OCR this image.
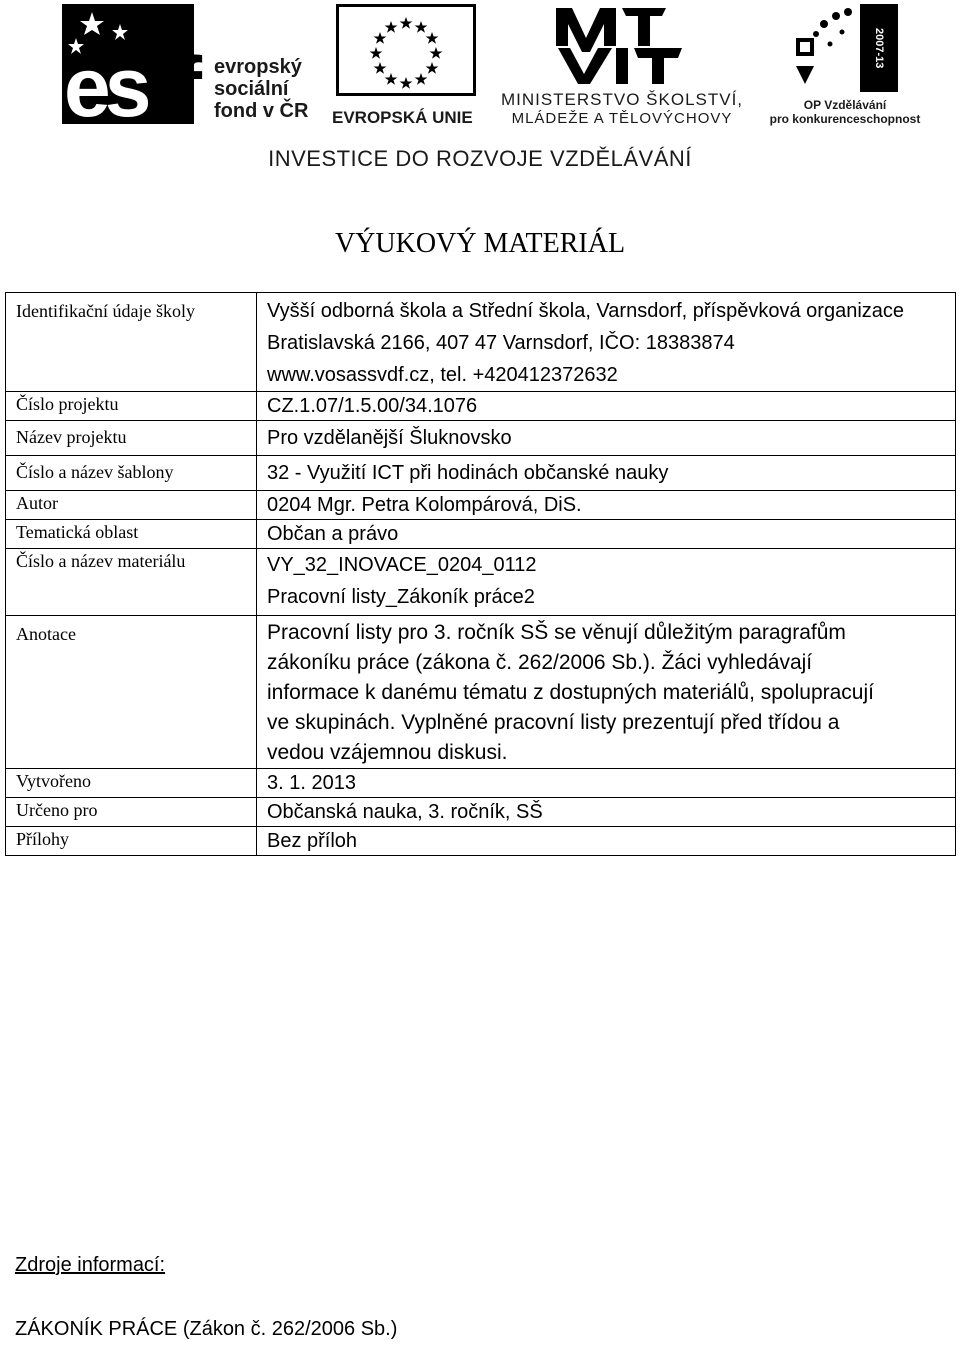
es f evropský
sociální
fond v ČR EVROPSKÁ UNIE
MINISTERSTVO ŠKOLSTVÍ,
MLÁDEŽE A TĚLOVÝCHOVY
2007-13
OP Vzdělávání
pro konkurenceschopnost
INVESTICE DO ROZVOJE VZDĚLÁVÁNÍ
VÝUKOVÝ MATERIÁL
Identifikační údaje školy	Vyšší odborná škola a Střední škola, Varnsdorf, příspěvková organizace
Bratislavská 2166, 407 47 Varnsdorf, IČO: 18383874
www.vosassvdf.cz, tel. +420412372632

Číslo projektu	CZ.1.07/1.5.00/34.1076
Název projektu	Pro vzdělanější Šluknovsko
Číslo a název šablony	32 - Využití ICT při hodinách občanské nauky
Autor	0204 Mgr. Petra Kolompárová, DiS.
Tematická oblast	Občan a právo
Číslo a název materiálu	VY_32_INOVACE_0204_0112
Pracovní listy_Zákoník práce2

Anotace	Pracovní listy pro 3. ročník SŠ se věnují důležitým paragrafům
zákoníku práce (zákona č. 262/2006 Sb.). Žáci vyhledávají
informace k danému tématu z dostupných materiálů, spolupracují
ve skupinách. Vyplněné pracovní listy prezentují před třídou a
vedou vzájemnou diskusi.

Vytvořeno	3. 1. 2013
Určeno pro	Občanská nauka, 3. ročník, SŠ
Přílohy	Bez příloh
Zdroje informací:
ZÁKONÍK PRÁCE (Zákon č. 262/2006 Sb.)
